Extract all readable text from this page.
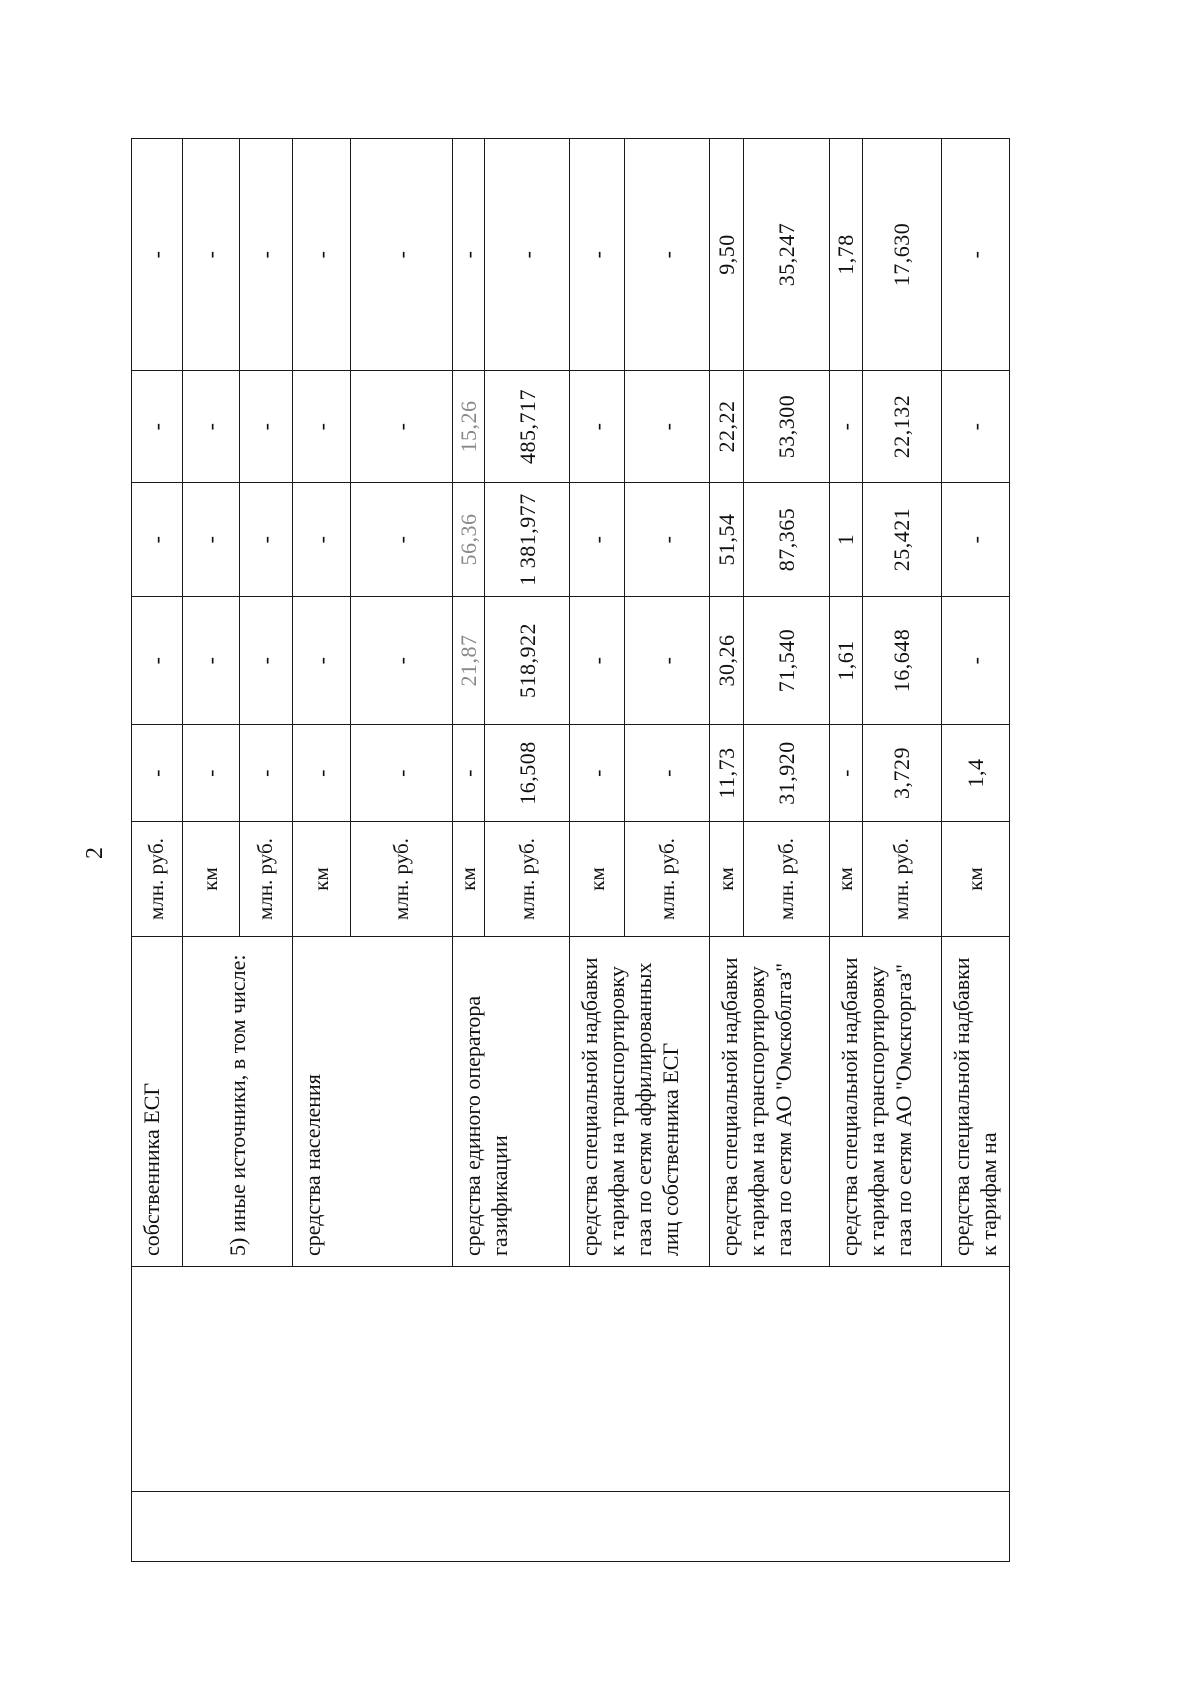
2
		собственника ЕСГ	млн. руб.	-	-	-	-	-	
		5) иные источники, в том числе:	км	-	-	-	-	-	
			млн. руб.	-	-	-	-	-	
		средства населения	км	-	-	-	-	-	
			млн. руб.	-	-	-	-	-	
		средства единого оператора газификации	км	-	21,87	56,36	15,26	-	
			млн. руб.	16,508	518,922	1 381,977	485,717	-	
		средства специальной надбавки к тарифам на транспортировку газа по сетям аффилированных лиц собственника ЕСГ	км	-	-	-	-	-	
			млн. руб.	-	-	-	-	-	
		средства специальной надбавки к тарифам на транспортировку газа по сетям АО "Омскоблгаз"	км	11,73	30,26	51,54	22,22	9,50	
			млн. руб.	31,920	71,540	87,365	53,300	35,247	
		средства специальной надбавки к тарифам на транспортировку газа по сетям АО "Омскгоргаз"	км	-	1,61	1	-	1,78	
			млн. руб.	3,729	16,648	25,421	22,132	17,630	
		средства специальной надбавки к тарифам на	км	1,4	-	-	-	-	
